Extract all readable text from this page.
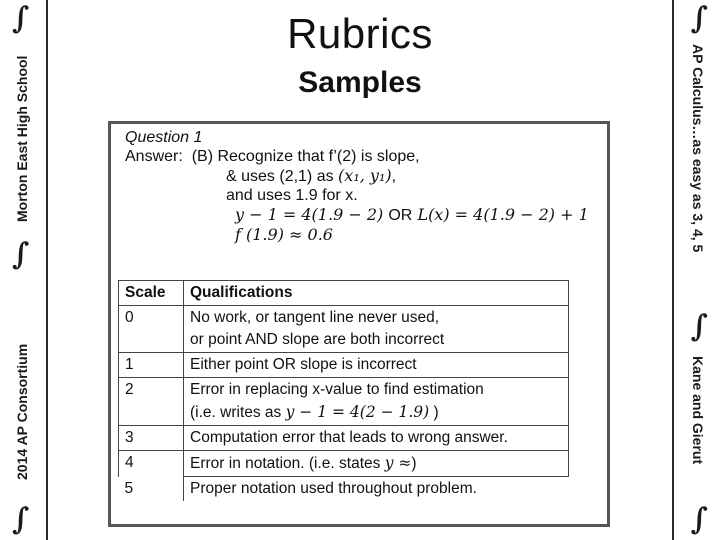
∫
Morton East High School
∫
2014 AP Consortium
∫
∫
AP Calculus…as easy as 3, 4, 5
∫
Kane and Gierut
∫
Rubrics
Samples
Question 1
Answer: (B) Recognize that f’(2) is slope,
& uses (2,1) as (x₁, y₁),
and uses 1.9 for x.
y − 1 = 4(1.9 − 2) OR L(x) = 4(1.9 − 2) + 1
f (1.9) ≈ 0.6
Scale	Qualifications
0	No work, or tangent line never used,
or point AND slope are both incorrect

1	Either point OR slope is incorrect
2	Error in replacing x-value to find estimation
(i.e. writes as y − 1 = 4(2 − 1.9) )

3	Computation error that leads to wrong answer.
4	Error in notation. (i.e. states y ≈)
5	Proper notation used throughout problem.
